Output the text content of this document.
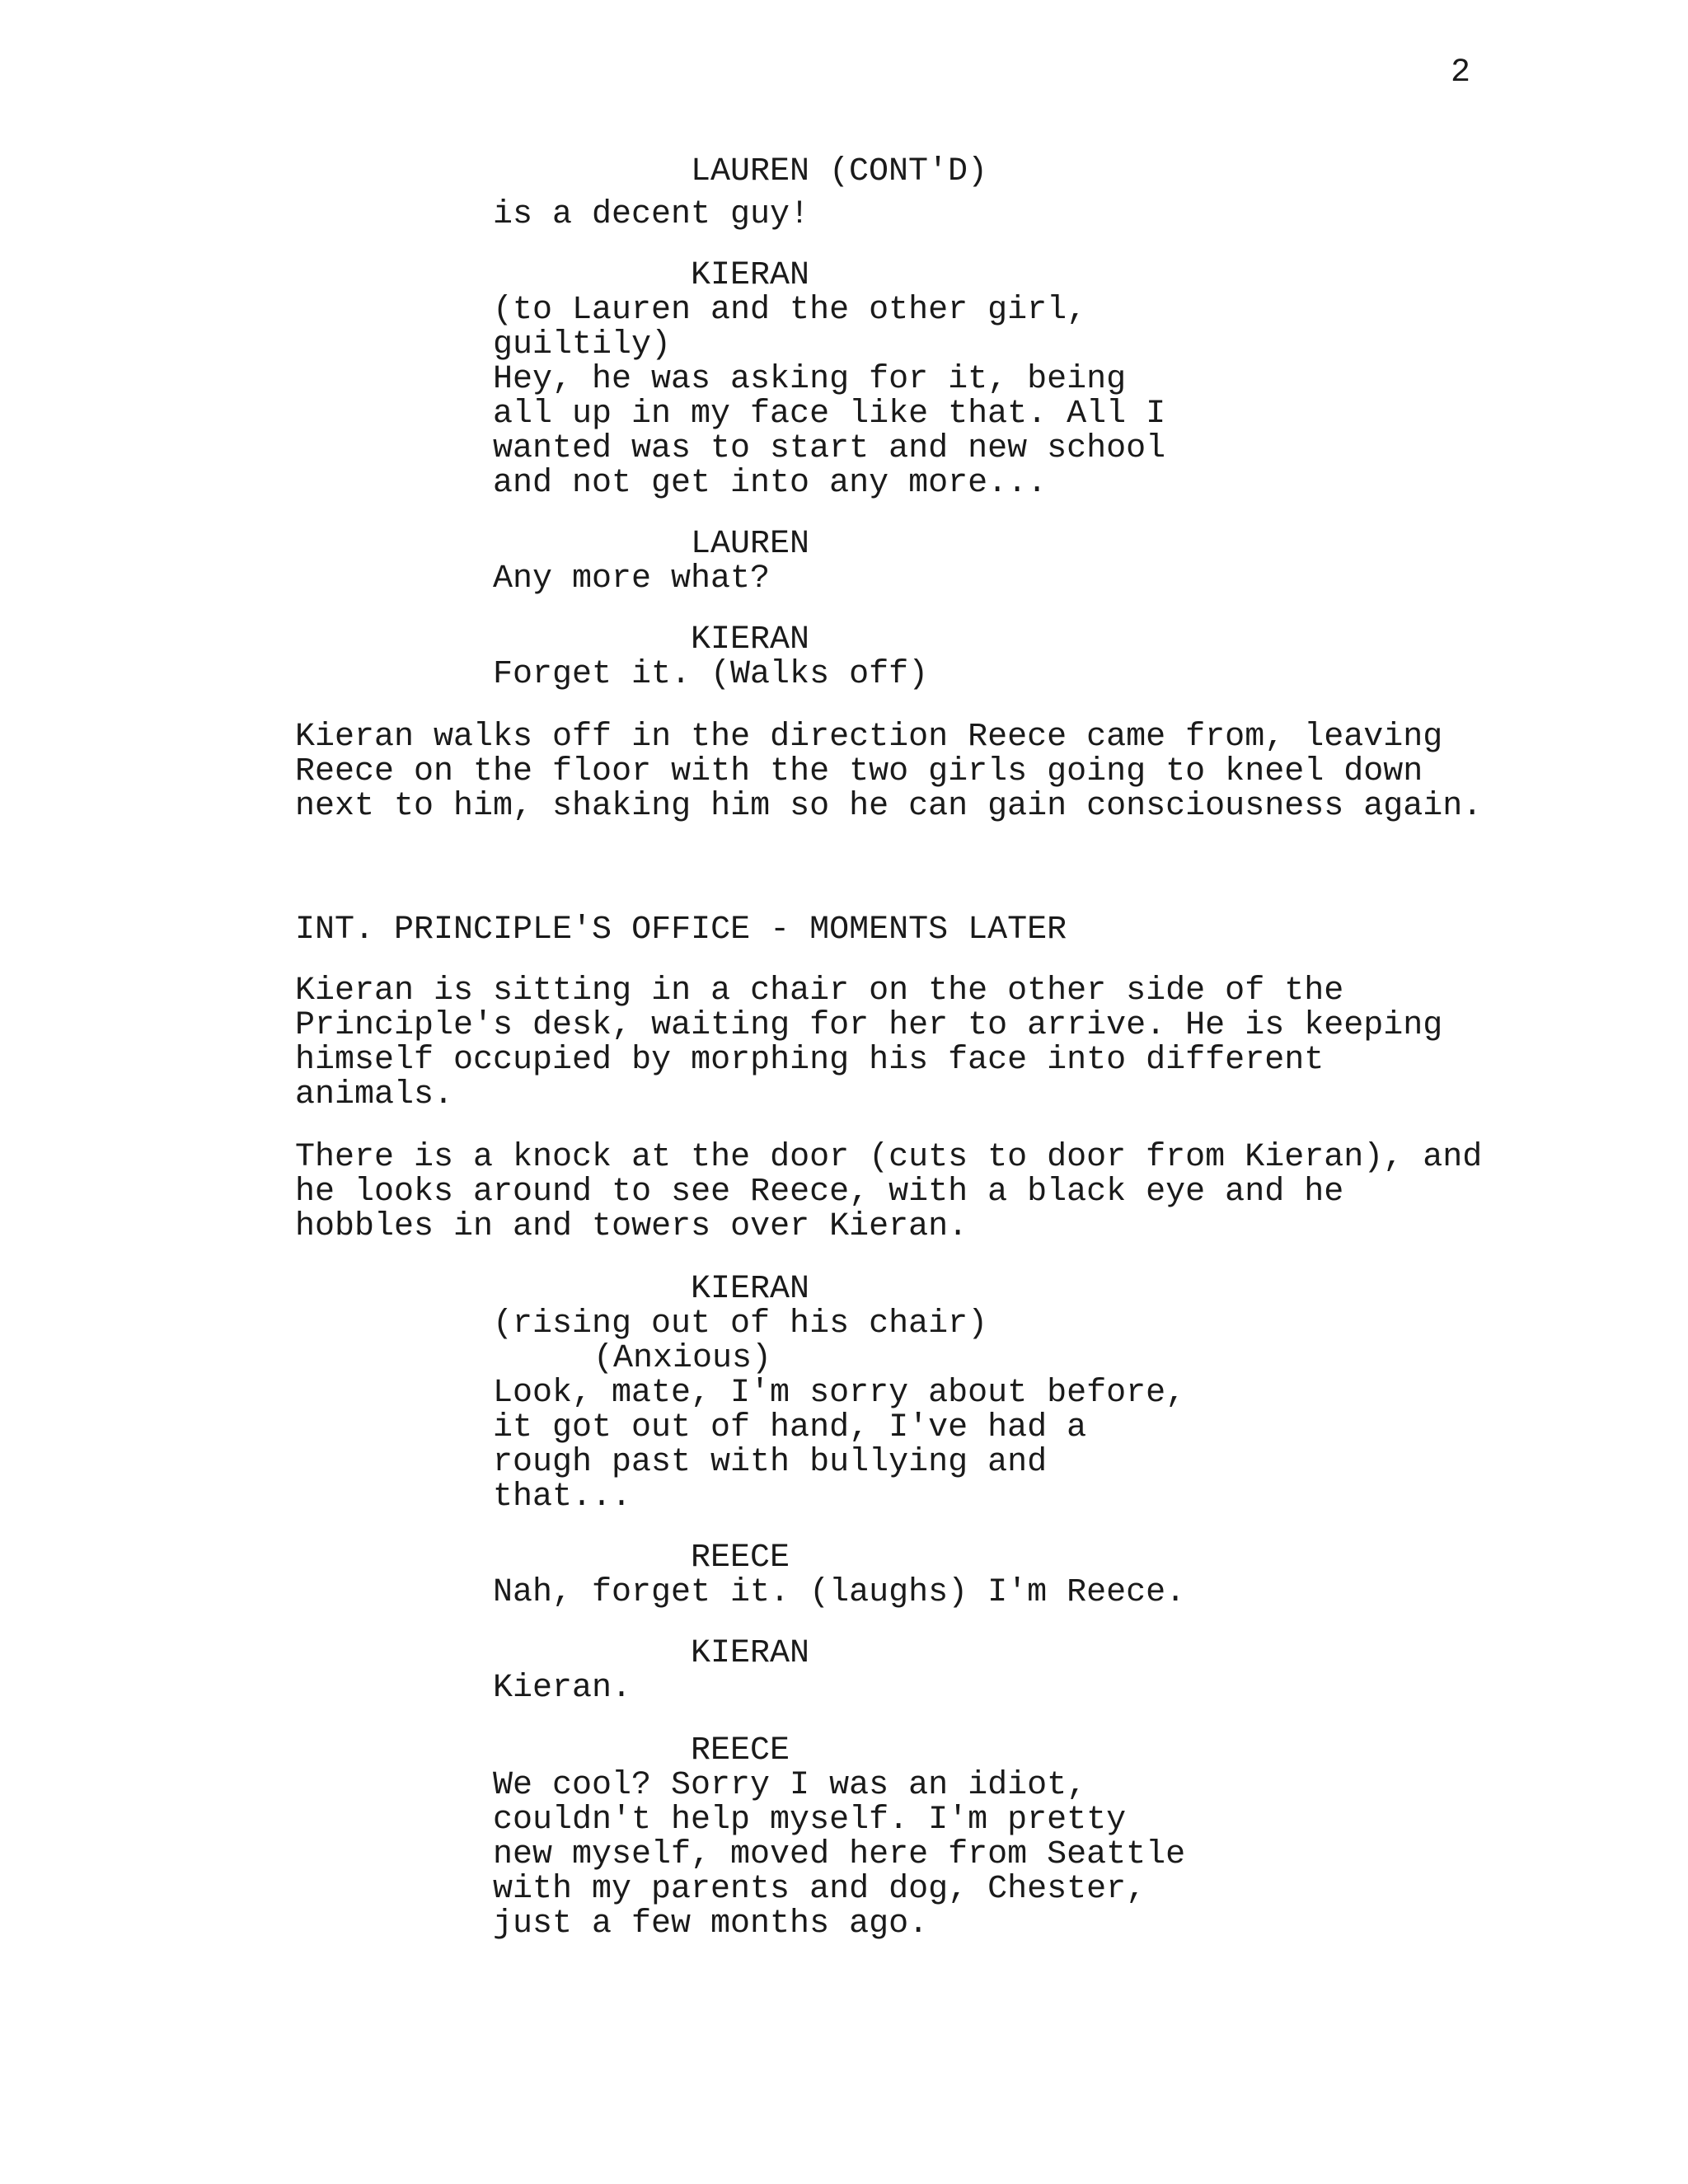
2
LAUREN (CONT'D)
is a decent guy!
KIERAN
(to Lauren and the other girl,
guiltily)
Hey, he was asking for it, being
all up in my face like that. All I
wanted was to start and new school
and not get into any more...
LAUREN
Any more what?
KIERAN
Forget it. (Walks off)
Kieran walks off in the direction Reece came from, leaving
Reece on the floor with the two girls going to kneel down
next to him, shaking him so he can gain consciousness again.
INT. PRINCIPLE'S OFFICE - MOMENTS LATER
Kieran is sitting in a chair on the other side of the
Principle's desk, waiting for her to arrive. He is keeping
himself occupied by morphing his face into different
animals.
There is a knock at the door (cuts to door from Kieran), and
he looks around to see Reece, with a black eye and he
hobbles in and towers over Kieran.
KIERAN
(rising out of his chair)
(Anxious)
Look, mate, I'm sorry about before,
it got out of hand, I've had a
rough past with bullying and
that...
REECE
Nah, forget it. (laughs) I'm Reece.
KIERAN
Kieran.
REECE
We cool? Sorry I was an idiot,
couldn't help myself. I'm pretty
new myself, moved here from Seattle
with my parents and dog, Chester,
just a few months ago.
